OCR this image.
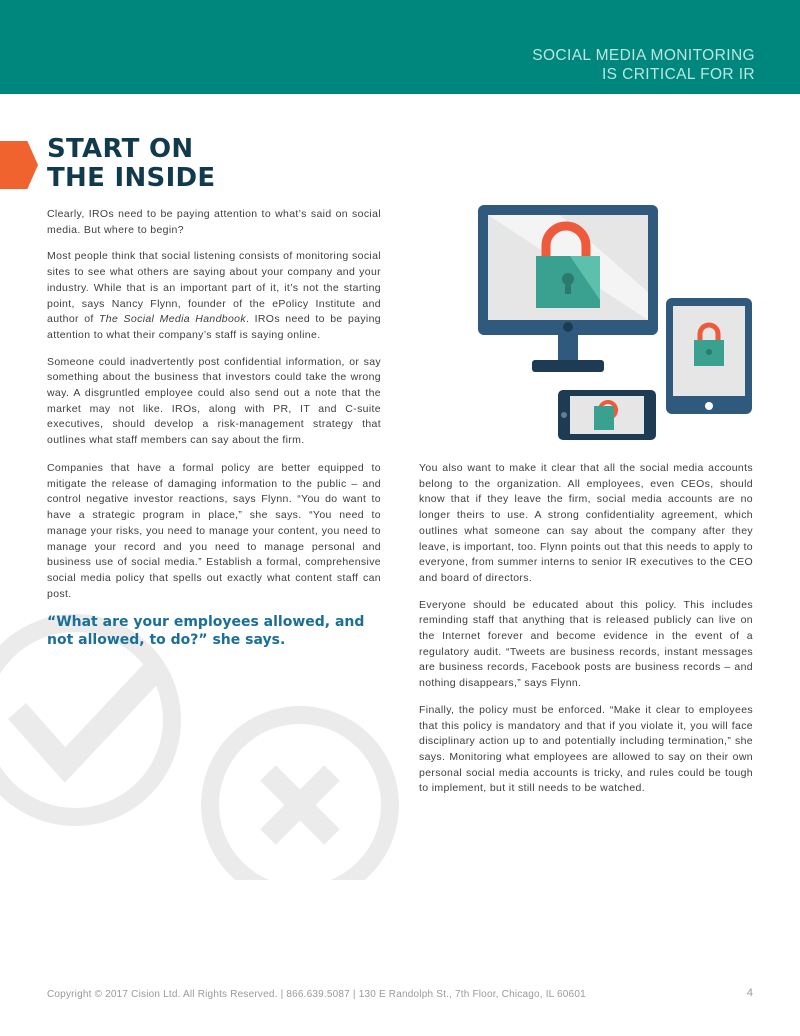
SOCIAL MEDIA MONITORING
IS CRITICAL FOR IR
START ON
THE INSIDE

Clearly, IROs need to be paying attention to what’s said on social media. But where to begin?

Most people think that social listening consists of monitoring social sites to see what others are saying about your company and your industry. While that is an important part of it, it’s not the starting point, says Nancy Flynn, founder of the ePolicy Institute and author of The Social Media Handbook. IROs need to be paying attention to what their company’s staff is saying online.

Someone could inadvertently post confidential information, or say something about the business that investors could take the wrong way. A disgruntled employee could also send out a note that the market may not like. IROs, along with PR, IT and C-suite executives, should develop a risk-management strategy that outlines what staff members can say about the firm.

Companies that have a formal policy are better equipped to mitigate the release of damaging information to the public – and control negative investor reactions, says Flynn. “You do want to have a strategic program in place,” she says. “You need to manage your risks, you need to manage your content, you need to manage your record and you need to manage personal and business use of social media.” Establish a formal, comprehensive social media policy that spells out exactly what content staff can post.

“What are your employees allowed, and not allowed, to do?” she says.

You also want to make it clear that all the social media accounts belong to the organization. All employees, even CEOs, should know that if they leave the firm, social media accounts are no longer theirs to use. A strong confidentiality agreement, which outlines what someone can say about the company after they leave, is important, too. Flynn points out that this needs to apply to everyone, from summer interns to senior IR executives to the CEO and board of directors.

Everyone should be educated about this policy. This includes reminding staff that anything that is released publicly can live on the Internet forever and become evidence in the event of a regulatory audit. “Tweets are business records, instant messages are business records, Facebook posts are business records – and nothing disappears,” says Flynn.

Finally, the policy must be enforced. “Make it clear to employees that this policy is mandatory and that if you violate it, you will face disciplinary action up to and potentially including termination,” she says. Monitoring what employees are allowed to say on their own personal social media accounts is tricky, and rules could be tough to implement, but it still needs to be watched.

Copyright © 2017 Cision Ltd. All Rights Reserved. | 866.639.5087 | 130 E Randolph St., 7th Floor, Chicago, IL 60601	4
